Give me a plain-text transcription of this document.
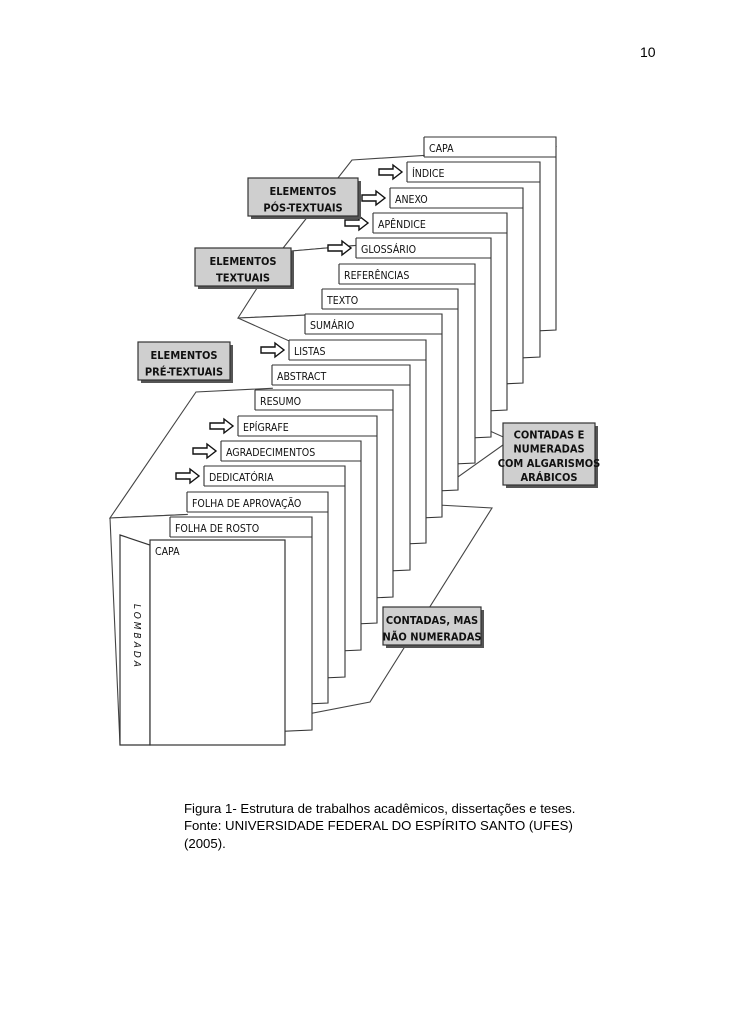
10
CAPA
ÍNDICE
ANEXO
APÊNDICE
GLOSSÁRIO
REFERÊNCIAS
TEXTO
SUMÁRIO
LISTAS
ABSTRACT
RESUMO
EPÍGRAFE
AGRADECIMENTOS
DEDICATÓRIA
FOLHA DE APROVAÇÃO
FOLHA DE ROSTO
CAPA
LOMBADA
ELEMENTOS
PÓS-TEXTUAIS
ELEMENTOS
TEXTUAIS
ELEMENTOS
PRÉ-TEXTUAIS
CONTADAS E
NUMERADAS
COM ALGARISMOS
ARÁBICOS
CONTADAS, MAS
NÃO NUMERADAS
Figura 1- Estrutura de trabalhos acadêmicos, dissertações e teses.
Fonte: UNIVERSIDADE FEDERAL DO ESPÍRITO SANTO (UFES)
(2005).
